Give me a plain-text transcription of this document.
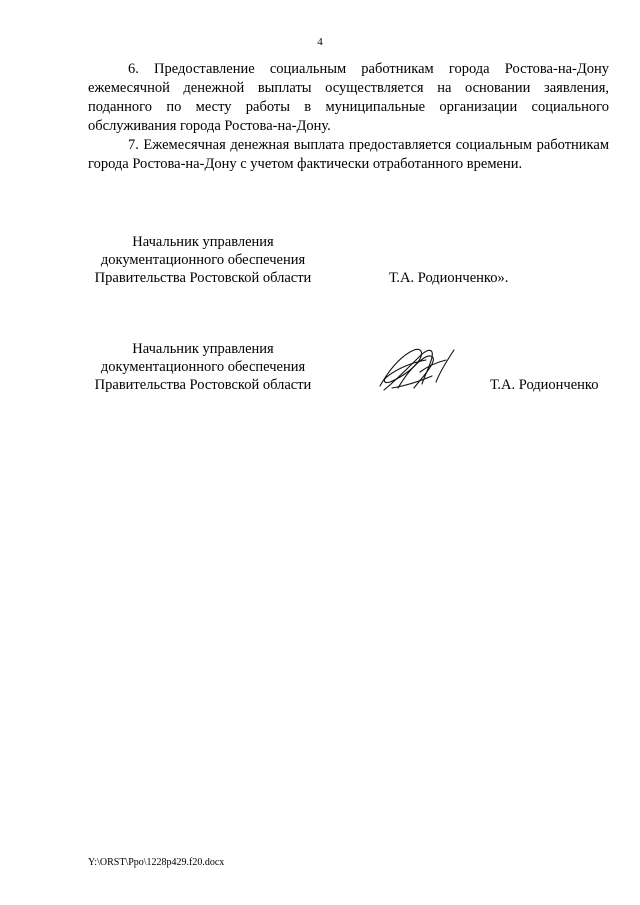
4

6. Предоставление социальным работникам города Ростова-на-Дону ежемесячной денежной выплаты осуществляется на основании заявления, поданного по месту работы в муниципальные организации социального обслуживания города Ростова-на-Дону.

7. Ежемесячная денежная выплата предоставляется социальным работникам города Ростова-на-Дону с учетом фактически отработанного времени.

Начальник управления
документационного обеспечения
Правительства Ростовской области	Т.А. Родионченко».
Начальник управления
документационного обеспечения
Правительства Ростовской области	Т.А. Родионченко
Y:\ORST\Ppo\1228p429.f20.docx
